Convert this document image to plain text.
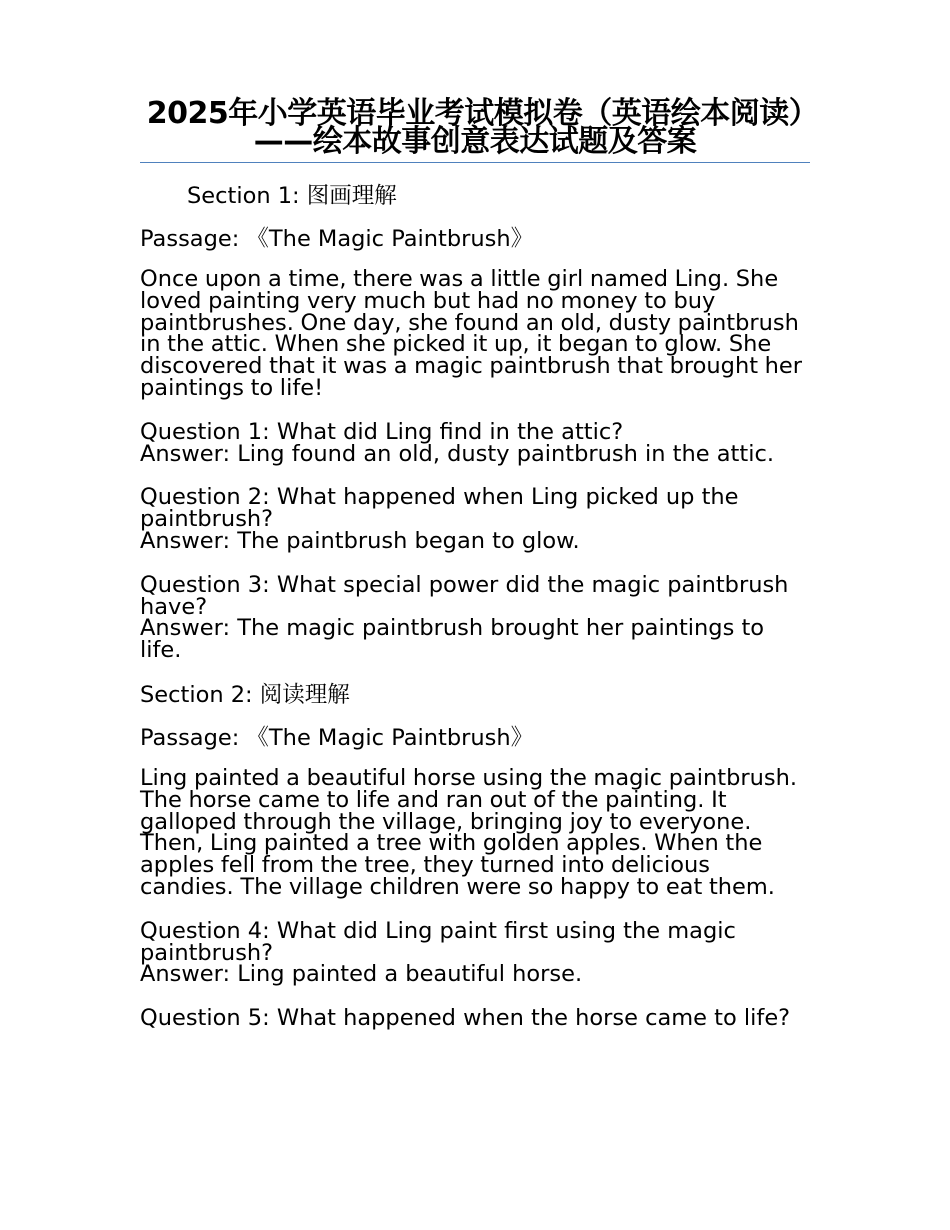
2025年小学英语毕业考试模拟卷（英语绘本阅读）——绘本故事创意表达试题及答案

Section 1: 图画理解

Passage: 《The Magic Paintbrush》

Once upon a time, there was a little girl named Ling. She loved painting very much but had no money to buy paintbrushes. One day, she found an old, dusty paintbrush in the attic. When she picked it up, it began to glow. She discovered that it was a magic paintbrush that brought her paintings to life!

Question 1: What did Ling find in the attic?
Answer: Ling found an old, dusty paintbrush in the attic.
Question 2: What happened when Ling picked up the paintbrush?
Answer: The paintbrush began to glow.
Question 3: What special power did the magic paintbrush have?
Answer: The magic paintbrush brought her paintings to life.

Section 2: 阅读理解

Passage: 《The Magic Paintbrush》

Ling painted a beautiful horse using the magic paintbrush. The horse came to life and ran out of the painting. It galloped through the village, bringing joy to everyone. Then, Ling painted a tree with golden apples. When the apples fell from the tree, they turned into delicious candies. The village children were so happy to eat them.

Question 4: What did Ling paint first using the magic paintbrush?
Answer: Ling painted a beautiful horse.
Question 5: What happened when the horse came to life?
